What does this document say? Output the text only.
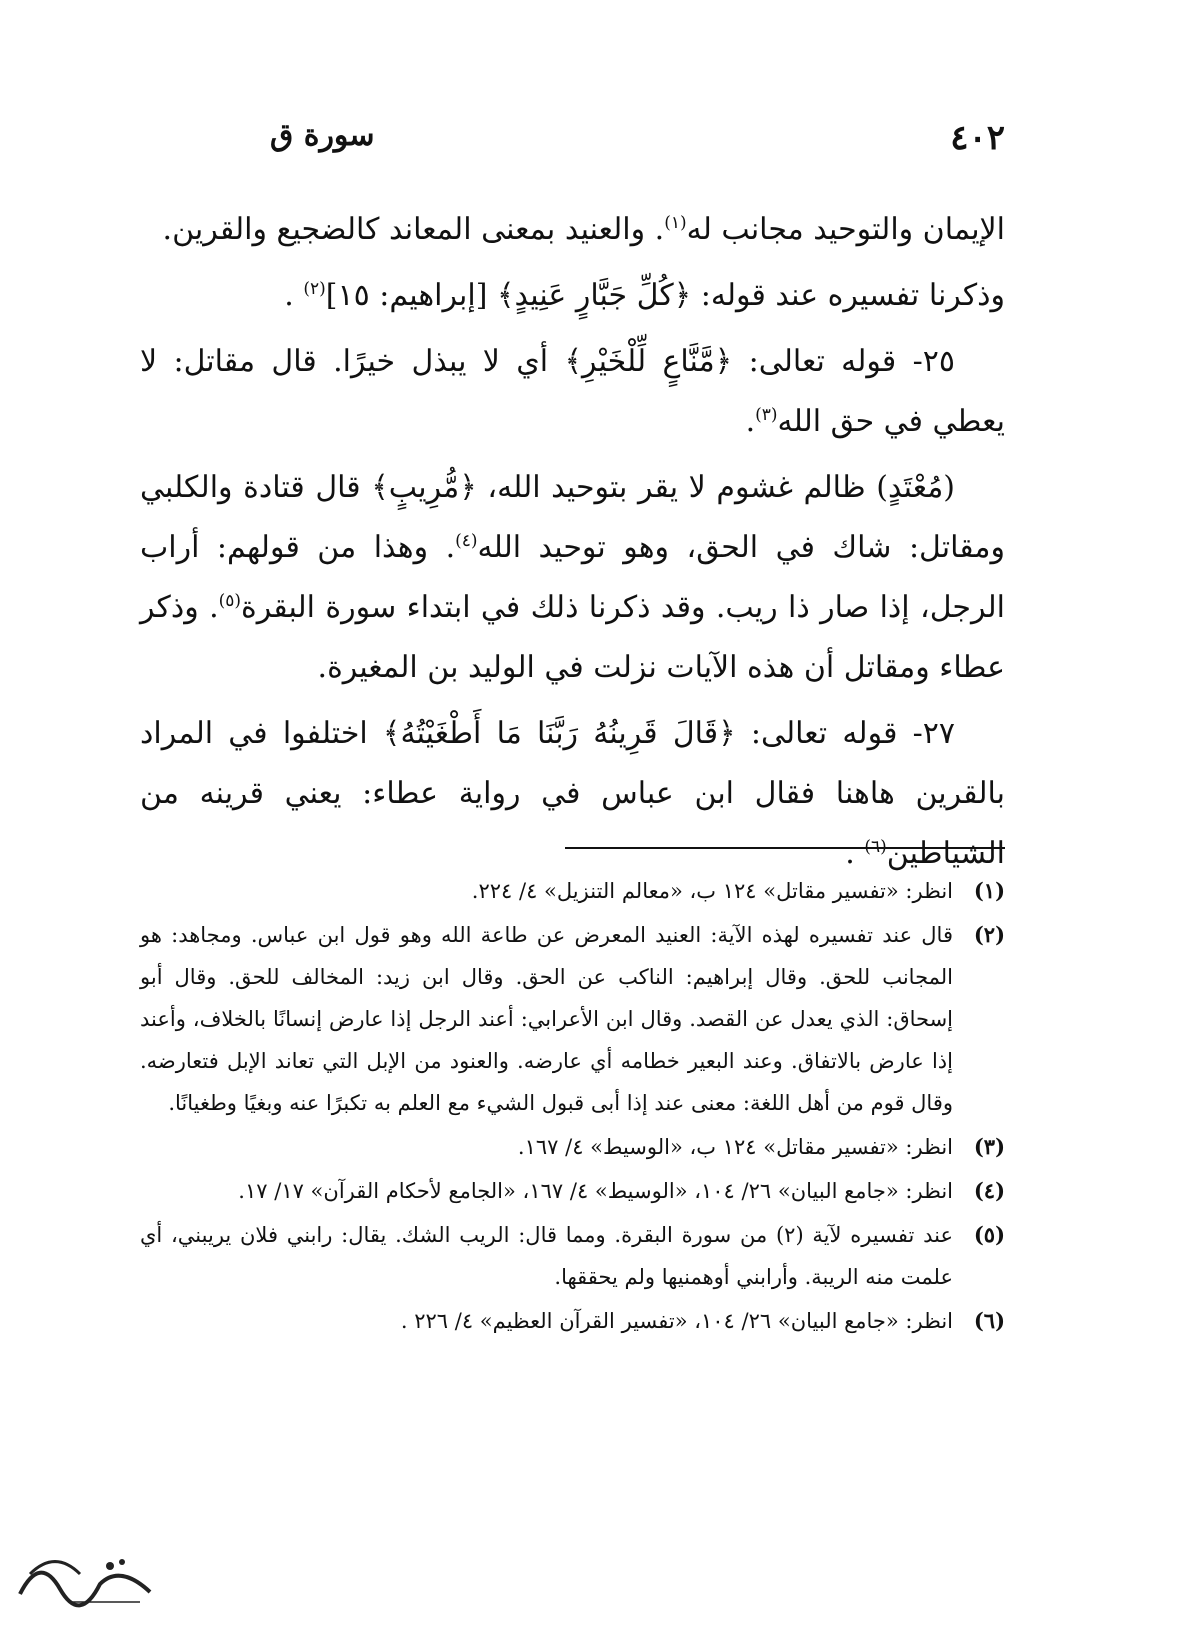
٤٠٢
سورة ق

الإيمان والتوحيد مجانب له$^{(١)}$. والعنيد بمعنى المعاند كالضجيع والقرين.

وذكرنا تفسيره عند قوله: ﴿كُلِّ جَبَّارٍ عَنِيدٍ﴾ [إبراهيم: ١٥]$^{(٢)}$ .

٢٥- قوله تعالى: ﴿مَّنَّاعٍ لِّلْخَيْرِ﴾ أي لا يبذل خيرًا. قال مقاتل: لا يعطي في حق الله$^{(٣)}$.

(مُعْتَدٍ) ظالم غشوم لا يقر بتوحيد الله، ﴿مُّرِيبٍ﴾ قال قتادة والكلبي ومقاتل: شاك في الحق، وهو توحيد الله$^{(٤)}$. وهذا من قولهم: أراب الرجل، إذا صار ذا ريب. وقد ذكرنا ذلك في ابتداء سورة البقرة$^{(٥)}$. وذكر عطاء ومقاتل أن هذه الآيات نزلت في الوليد بن المغيرة.

٢٧- قوله تعالى: ﴿قَالَ قَرِينُهُ رَبَّنَا مَا أَطْغَيْتُهُ﴾ اختلفوا في المراد بالقرين هاهنا فقال ابن عباس في رواية عطاء: يعني قرينه من الشياطين$^{(٦)}$ .

(١)
انظر: «تفسير مقاتل» ١٢٤ ب، «معالم التنزيل» ٤/ ٢٢٤.
(٢)
قال عند تفسيره لهذه الآية: العنيد المعرض عن طاعة الله وهو قول ابن عباس. ومجاهد: هو المجانب للحق. وقال إبراهيم: الناكب عن الحق. وقال ابن زيد: المخالف للحق. وقال أبو إسحاق: الذي يعدل عن القصد. وقال ابن الأعرابي: أعند الرجل إذا عارض إنسانًا بالخلاف، وأعند إذا عارض بالاتفاق. وعند البعير خطامه أي عارضه. والعنود من الإبل التي تعاند الإبل فتعارضه. وقال قوم من أهل اللغة: معنى عند إذا أبى قبول الشيء مع العلم به تكبرًا عنه وبغيًا وطغيانًا.
(٣)
انظر: «تفسير مقاتل» ١٢٤ ب، «الوسيط» ٤/ ١٦٧.
(٤)
انظر: «جامع البيان» ٢٦/ ١٠٤، «الوسيط» ٤/ ١٦٧، «الجامع لأحكام القرآن» ١٧/ ١٧.
(٥)
عند تفسيره لآية (٢) من سورة البقرة. ومما قال: الريب الشك. يقال: رابني فلان يريبني، أي علمت منه الريبة. وأرابني أوهمنيها ولم يحققها.
(٦)
انظر: «جامع البيان» ٢٦/ ١٠٤، «تفسير القرآن العظيم» ٤/ ٢٢٦ .
